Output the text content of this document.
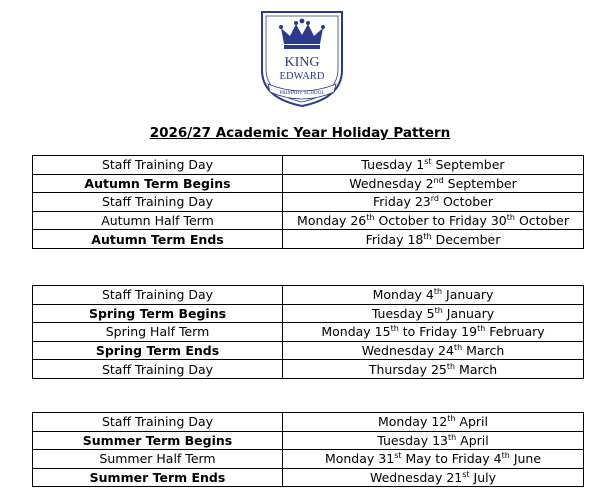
KING
EDWARD
PRIMARY SCHOOL
2026/27 Academic Year Holiday Pattern
Staff Training Day	Tuesday 1st September
Autumn Term Begins	Wednesday 2nd September
Staff Training Day	Friday 23rd October
Autumn Half Term	Monday 26th October to Friday 30th October
Autumn Term Ends	Friday 18th December
Staff Training Day	Monday 4th January
Spring Term Begins	Tuesday 5th January
Spring Half Term	Monday 15th to Friday 19th February
Spring Term Ends	Wednesday 24th March
Staff Training Day	Thursday 25th March
Staff Training Day	Monday 12th April
Summer Term Begins	Tuesday 13th April
Summer Half Term	Monday 31st May to Friday 4th June
Summer Term Ends	Wednesday 21st July
